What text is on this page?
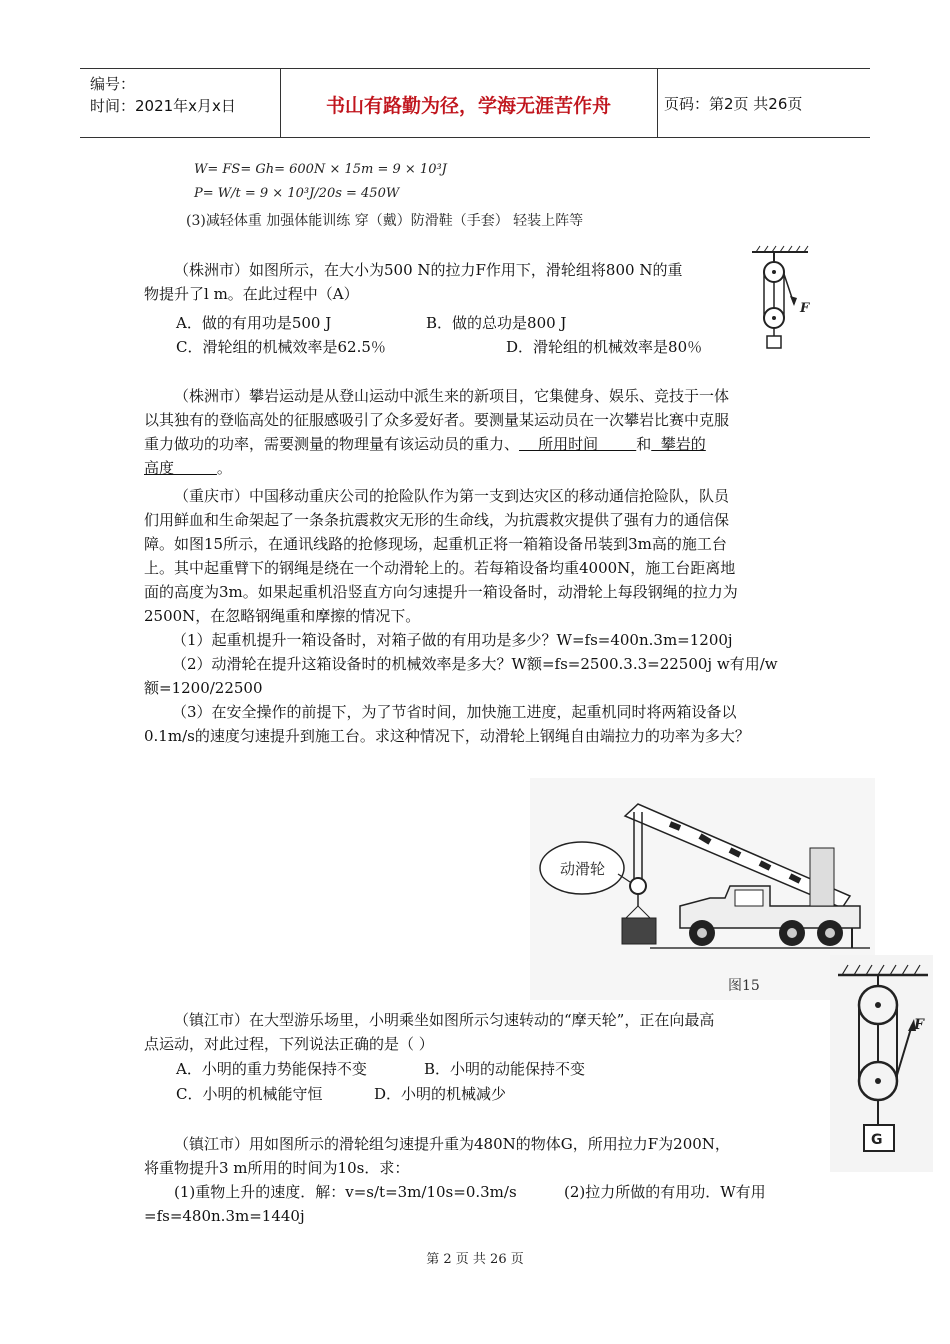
编号：
时间：2021年x月x日	书山有路勤为径，学海无涯苦作舟	页码：第2页 共26页
W= FS= Gh= 600N × 15m = 9 × 10³J
P= W/t = 9 × 10³J/20s = 450W
(3)减轻体重 加强体能训练 穿（戴）防滑鞋（手套） 轻装上阵等
（株洲市）如图所示，在大小为500 N的拉力F作用下，滑轮组将800 N的重
物提升了l m。在此过程中（A）
A．做的有用功是500 J	B．做的总功是800 J
C．滑轮组的机械效率是62.5％	D．滑轮组的机械效率是80％
F
（株洲市）攀岩运动是从登山运动中派生来的新项目，它集健身、娱乐、竞技于一体
以其独有的登临高处的征服感吸引了众多爱好者。要测量某运动员在一次攀岩比赛中克服
重力做功的功率，需要测量的物理量有该运动员的重力、    所用时间        和  攀岩的
高度         。
（重庆市）中国移动重庆公司的抢险队作为第一支到达灾区的移动通信抢险队，队员
们用鲜血和生命架起了一条条抗震救灾无形的生命线，为抗震救灾提供了强有力的通信保
障。如图15所示，在通讯线路的抢修现场，起重机正将一箱箱设备吊装到3m高的施工台
上。其中起重臂下的钢绳是绕在一个动滑轮上的。若每箱设备均重4000N，施工台距离地
面的高度为3m。如果起重机沿竖直方向匀速提升一箱设备时，动滑轮上每段钢绳的拉力为
2500N，在忽略钢绳重和摩擦的情况下。
（1）起重机提升一箱设备时，对箱子做的有用功是多少？W=fs=400n.3m=1200j
（2）动滑轮在提升这箱设备时的机械效率是多大？W额=fs=2500.3.3=22500j w有用/w
额=1200/22500
（3）在安全操作的前提下，为了节省时间，加快施工进度，起重机同时将两箱设备以
0.1m/s的速度匀速提升到施工台。求这种情况下，动滑轮上钢绳自由端拉力的功率为多大？
动滑轮
图15
F
G
（镇江市）在大型游乐场里，小明乘坐如图所示匀速转动的“摩天轮”，正在向最高
点运动，对此过程，下列说法正确的是（ ）
A．小明的重力势能保持不变	B．小明的动能保持不变
C．小明的机械能守恒	D．小明的机械减少
（镇江市）用如图所示的滑轮组匀速提升重为480N的物体G，所用拉力F为200N，
将重物提升3 m所用的时间为10s．求：
(1)重物上升的速度．解：v=s/t=3m/10s=0.3m/s	(2)拉力所做的有用功．W有用
=fs=480n.3m=1440j
第 2 页 共 26 页
